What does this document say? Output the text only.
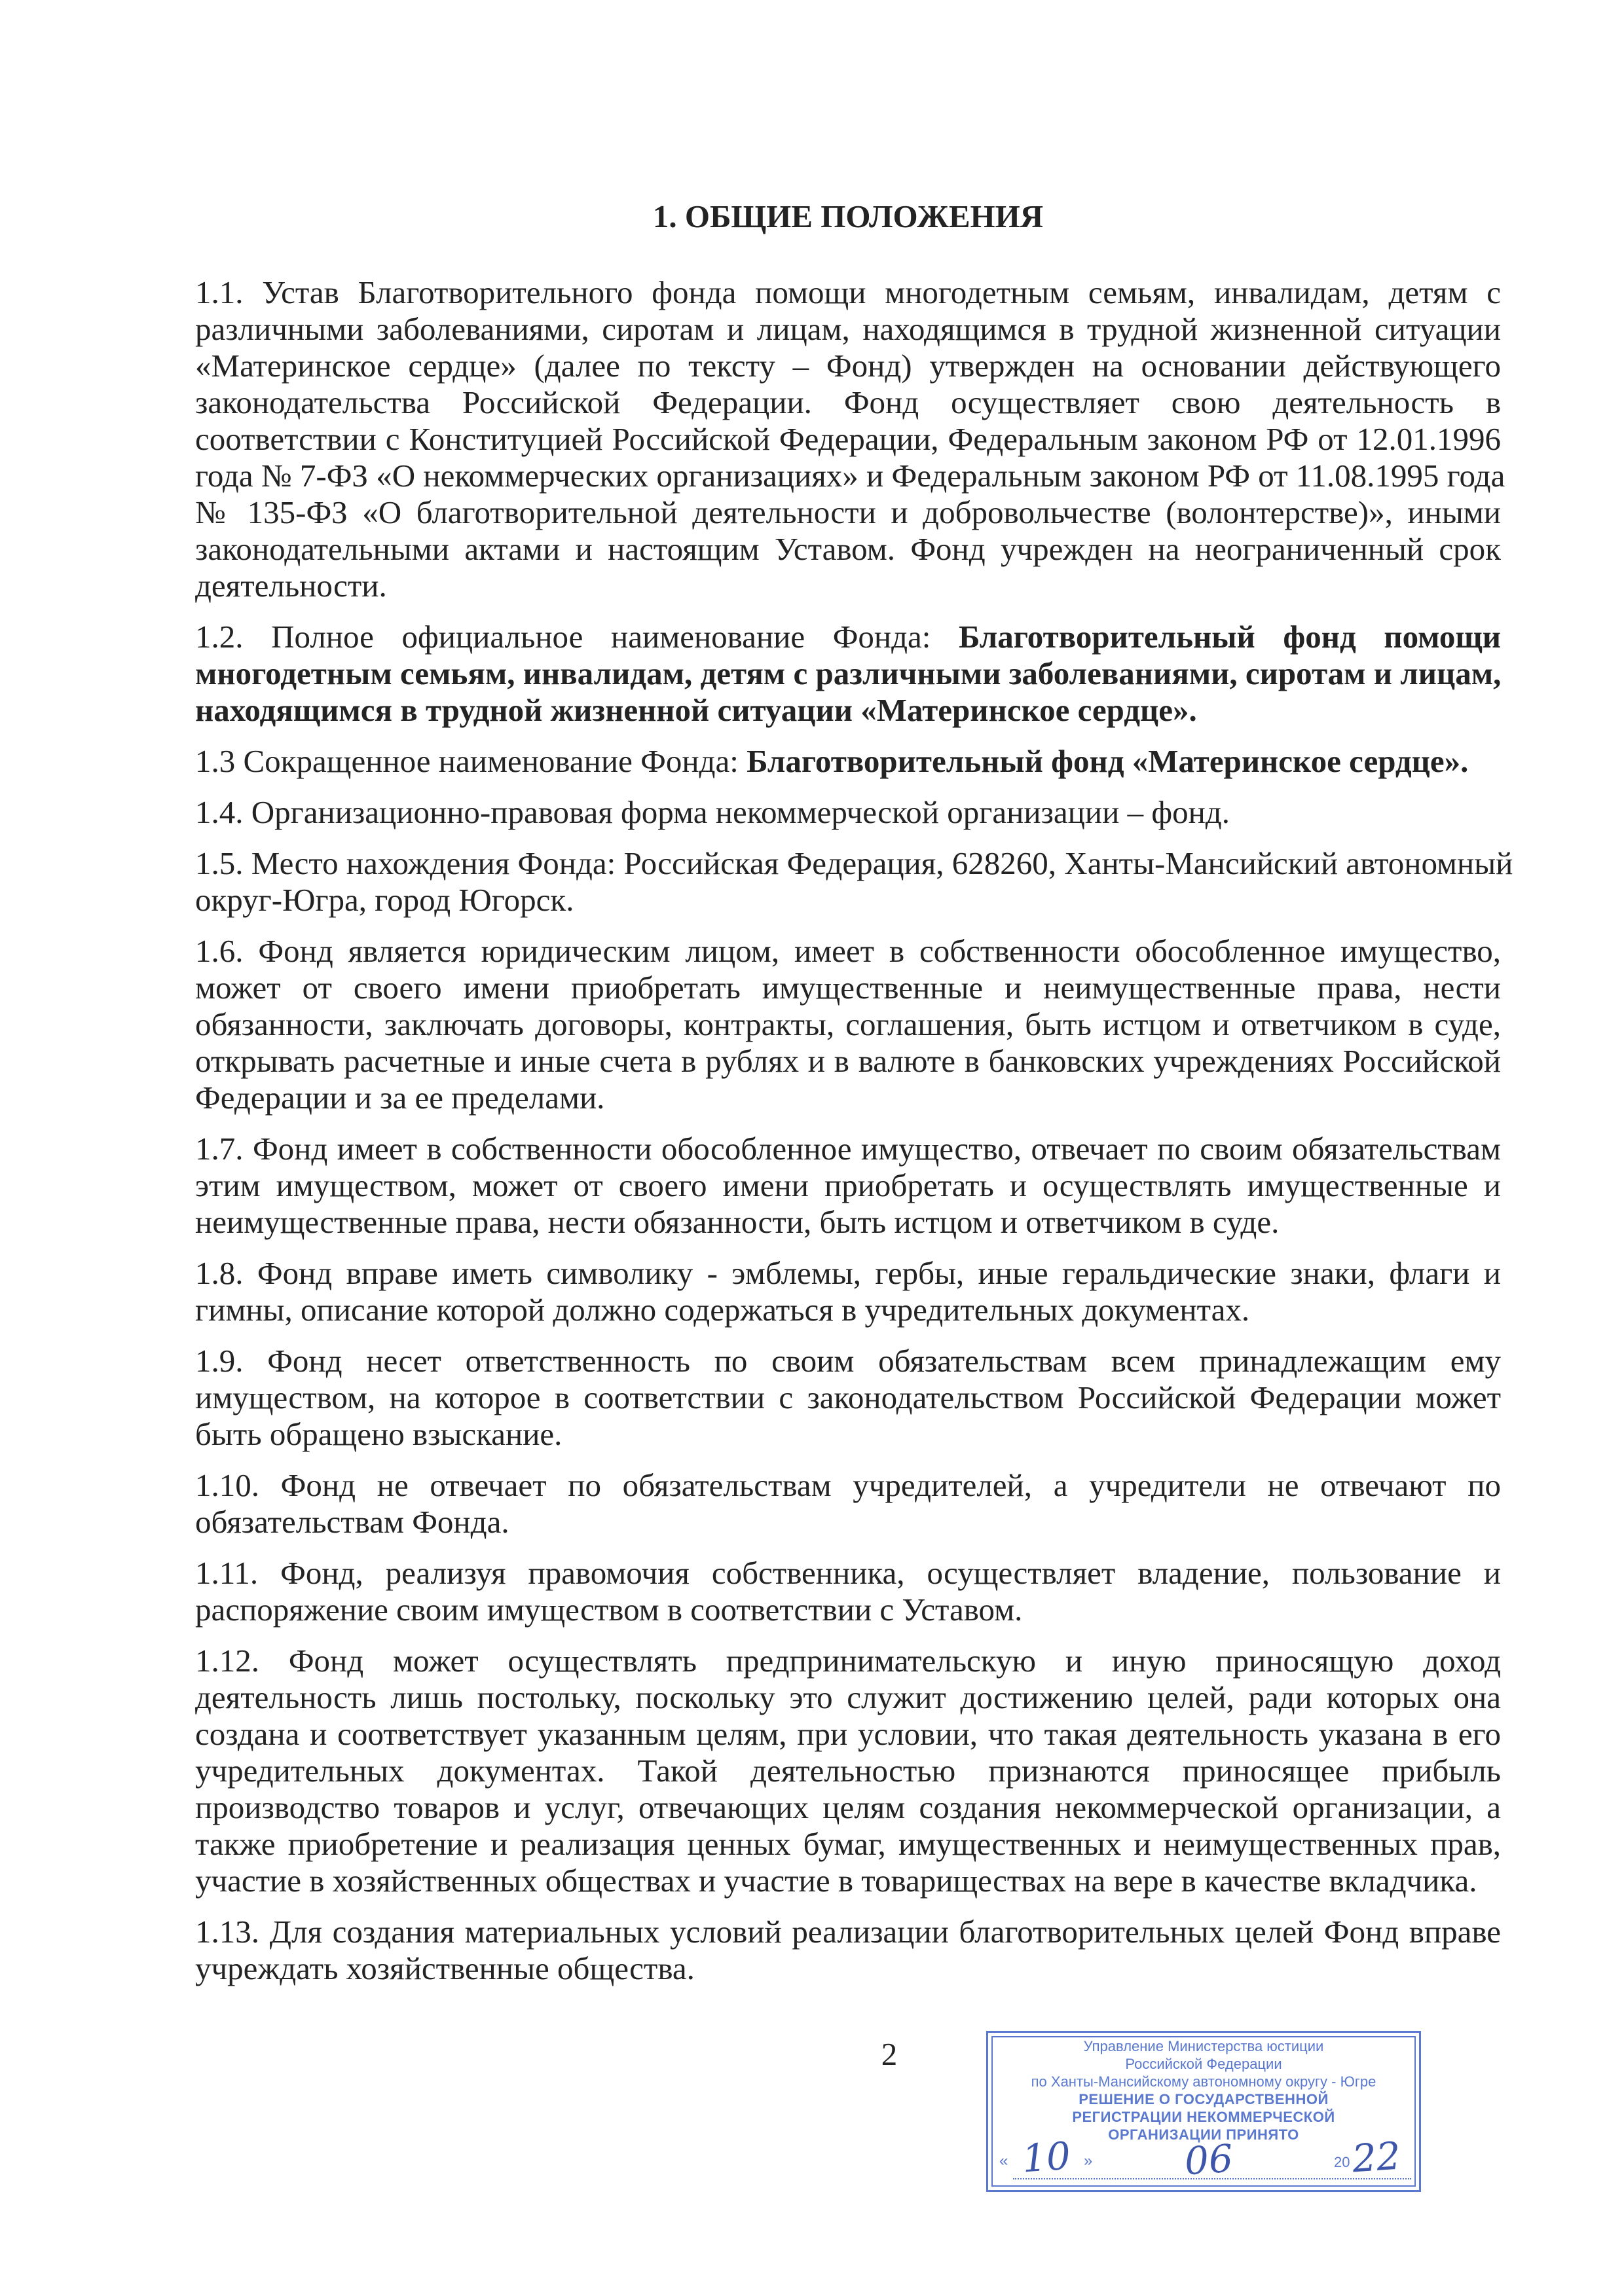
1. ОБЩИЕ ПОЛОЖЕНИЯ
1.1. Устав Благотворительного фонда помощи многодетным семьям, инвалидам, детям с
различными заболеваниями, сиротам и лицам, находящимся в трудной жизненной ситуации
«Материнское сердце» (далее по тексту – Фонд) утвержден на основании действующего
законодательства Российской Федерации. Фонд осуществляет свою деятельность в
соответствии с Конституцией Российской Федерации, Федеральным законом РФ от 12.01.1996
года № 7-ФЗ «О некоммерческих организациях» и Федеральным законом РФ от 11.08.1995 года
№ 135-ФЗ «О благотворительной деятельности и добровольчестве (волонтерстве)», иными
законодательными актами и настоящим Уставом. Фонд учрежден на неограниченный срок
деятельности.
1.2. Полное официальное наименование Фонда: Благотворительный фонд помощи
многодетным семьям, инвалидам, детям с различными заболеваниями, сиротам и лицам,
находящимся в трудной жизненной ситуации «Материнское сердце».
1.3 Сокращенное наименование Фонда: Благотворительный фонд «Материнское сердце».
1.4. Организационно-правовая форма некоммерческой организации – фонд.
1.5. Место нахождения Фонда: Российская Федерация, 628260, Ханты-Мансийский автономный
округ-Югра, город Югорск.
1.6. Фонд является юридическим лицом, имеет в собственности обособленное имущество,
может от своего имени приобретать имущественные и неимущественные права, нести
обязанности, заключать договоры, контракты, соглашения, быть истцом и ответчиком в суде,
открывать расчетные и иные счета в рублях и в валюте в банковских учреждениях Российской
Федерации и за ее пределами.
1.7. Фонд имеет в собственности обособленное имущество, отвечает по своим обязательствам
этим имуществом, может от своего имени приобретать и осуществлять имущественные и
неимущественные права, нести обязанности, быть истцом и ответчиком в суде.
1.8. Фонд вправе иметь символику - эмблемы, гербы, иные геральдические знаки, флаги и
гимны, описание которой должно содержаться в учредительных документах.
1.9. Фонд несет ответственность по своим обязательствам всем принадлежащим ему
имуществом, на которое в соответствии с законодательством Российской Федерации может
быть обращено взыскание.
1.10. Фонд не отвечает по обязательствам учредителей, а учредители не отвечают по
обязательствам Фонда.
1.11. Фонд, реализуя правомочия собственника, осуществляет владение, пользование и
распоряжение своим имуществом в соответствии с Уставом.
1.12. Фонд может осуществлять предпринимательскую и иную приносящую доход
деятельность лишь постольку, поскольку это служит достижению целей, ради которых она
создана и соответствует указанным целям, при условии, что такая деятельность указана в его
учредительных документах. Такой деятельностью признаются приносящее прибыль
производство товаров и услуг, отвечающих целям создания некоммерческой организации, а
также приобретение и реализация ценных бумаг, имущественных и неимущественных прав,
участие в хозяйственных обществах и участие в товариществах на вере в качестве вкладчика.
1.13. Для создания материальных условий реализации благотворительных целей Фонд вправе
учреждать хозяйственные общества.
2	Управление Министерства юстиции
Российской Федерации
по Ханты-Мансийскому автономному округу - Югре
РЕШЕНИЕ О ГОСУДАРСТВЕННОЙ
РЕГИСТРАЦИИ НЕКОММЕРЧЕСКОЙ
ОРГАНИЗАЦИИ ПРИНЯТО
« 10 » 06	20 22
